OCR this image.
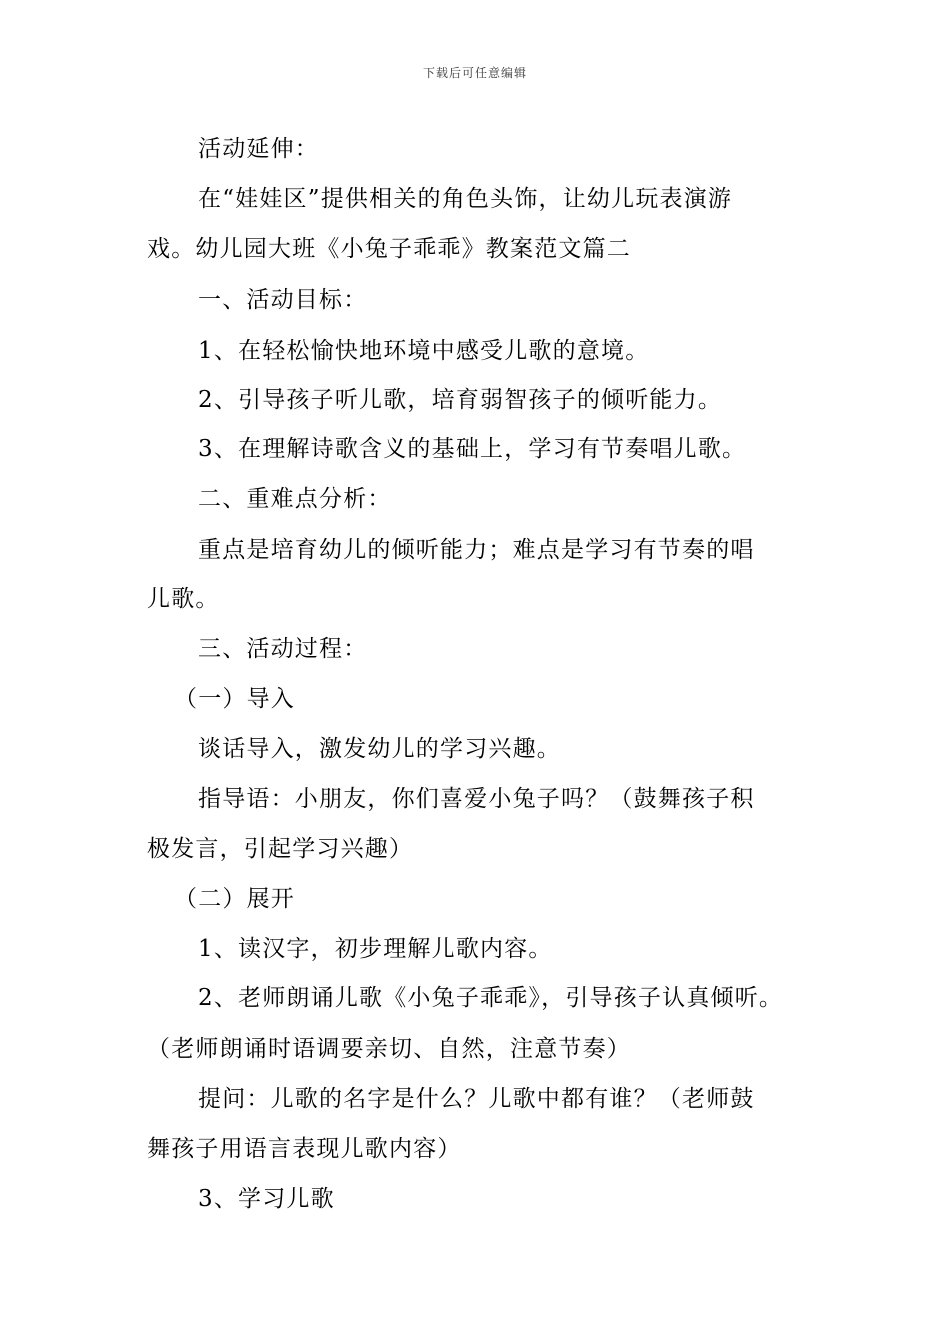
下载后可任意编辑
活动延伸：
在“娃娃区”提供相关的角色头饰，让幼儿玩表演游
戏。幼儿园大班《小兔子乖乖》教案范文篇二
一、活动目标：
1、在轻松愉快地环境中感受儿歌的意境。
2、引导孩子听儿歌，培育弱智孩子的倾听能力。
3、在理解诗歌含义的基础上，学习有节奏唱儿歌。
二、重难点分析：
重点是培育幼儿的倾听能力；难点是学习有节奏的唱
儿歌。
三、活动过程：
（一）导入
谈话导入，激发幼儿的学习兴趣。
指导语：小朋友，你们喜爱小兔子吗？（鼓舞孩子积
极发言，引起学习兴趣）
（二）展开
1、读汉字，初步理解儿歌内容。
2、老师朗诵儿歌《小兔子乖乖》，引导孩子认真倾听。
（老师朗诵时语调要亲切、自然，注意节奏）
提问：儿歌的名字是什么？儿歌中都有谁？（老师鼓
舞孩子用语言表现儿歌内容）
3、学习儿歌
